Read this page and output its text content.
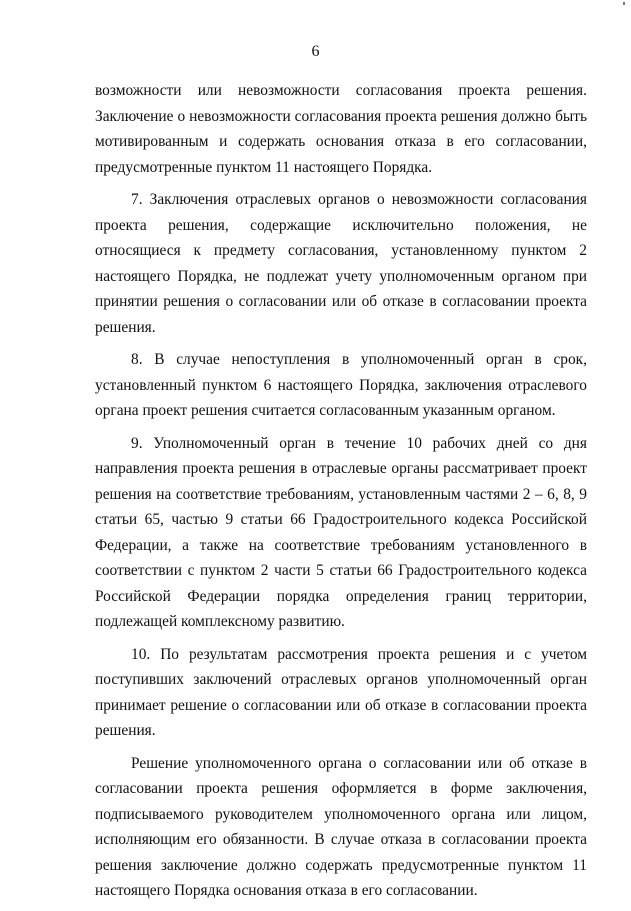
6

возможности или невозможности согласования проекта решения. Заключение о невозможности согласования проекта решения должно быть мотивированным и содержать основания отказа в его согласовании, предусмотренные пунктом 11 настоящего Порядка.

7. Заключения отраслевых органов о невозможности согласования проекта решения, содержащие исключительно положения, не относящиеся к предмету согласования, установленному пунктом 2 настоящего Порядка, не подлежат учету уполномоченным органом при принятии решения о согласовании или об отказе в согласовании проекта решения.

8. В случае непоступления в уполномоченный орган в срок, установленный пунктом 6 настоящего Порядка, заключения отраслевого органа проект решения считается согласованным указанным органом.

9. Уполномоченный орган в течение 10 рабочих дней со дня направления проекта решения в отраслевые органы рассматривает проект решения на соответствие требованиям, установленным частями 2 – 6, 8, 9 статьи 65, частью 9 статьи 66 Градостроительного кодекса Российской Федерации, а также на соответствие требованиям установленного в соответствии с пунктом 2 части 5 статьи 66 Градостроительного кодекса Российской Федерации порядка определения границ территории, подлежащей комплексному развитию.

10. По результатам рассмотрения проекта решения и с учетом поступивших заключений отраслевых органов уполномоченный орган принимает решение о согласовании или об отказе в согласовании проекта решения.

Решение уполномоченного органа о согласовании или об отказе в согласовании проекта решения оформляется в форме заключения, подписываемого руководителем уполномоченного органа или лицом, исполняющим его обязанности. В случае отказа в согласовании проекта решения заключение должно содержать предусмотренные пунктом 11 настоящего Порядка основания отказа в его согласовании.
